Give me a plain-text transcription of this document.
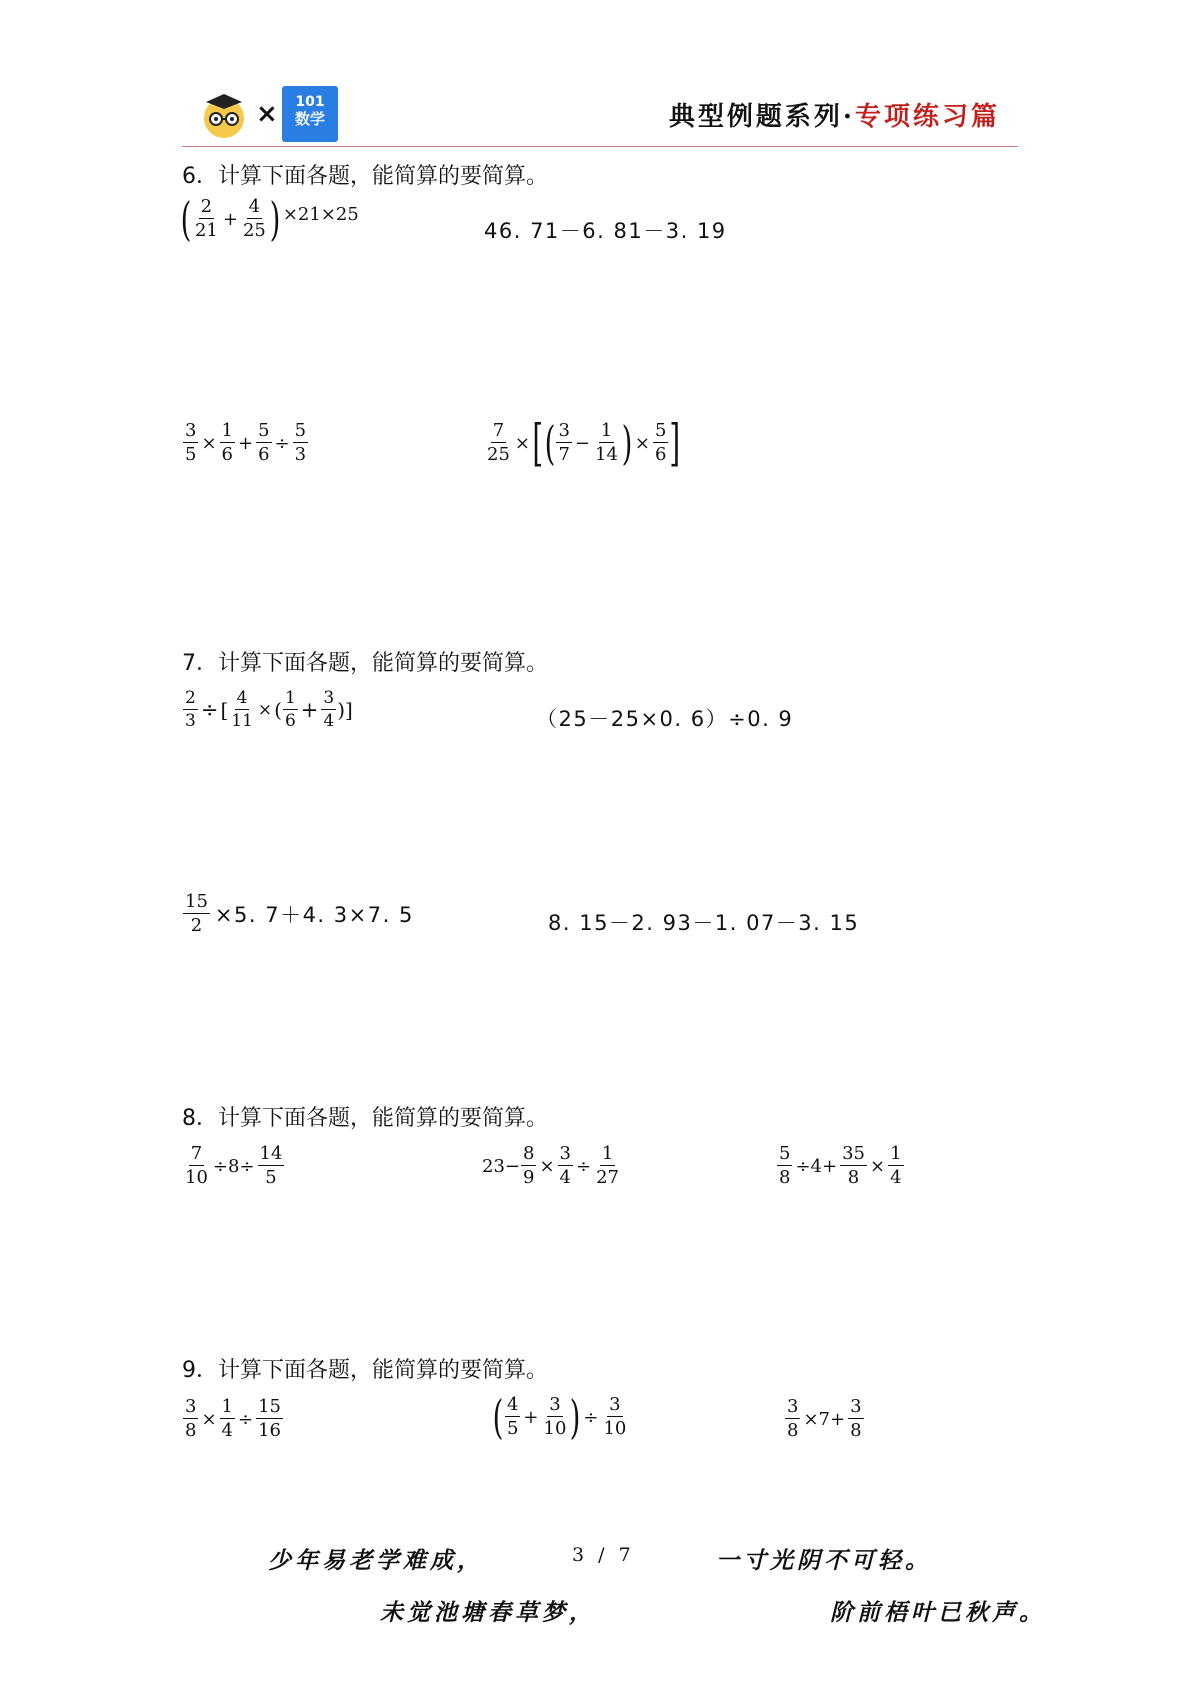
×	101
数学	典型例题系列·专项练习篇
6．计算下面各题，能简算的要简算。
( $\frac{2}{21} + \frac{4}{25}$ ) ×21×25
46. 71－6. 81－3. 19
$\frac{3}{5} \times \frac{1}{6} + \frac{5}{6} \div \frac{5}{3}$	$\frac{7}{25}$ × [ ( $\frac{3}{7} - \frac{1}{14}$ ) × $\frac{5}{6}$ ]
7．计算下面各题，能简算的要简算。
$\frac{2}{3}$ ÷ [ $\frac{4}{11}$ × ( $\frac{1}{6} + \frac{3}{4}$ ) ]	（25－25×0. 6）÷0. 9
$\frac{15}{2} \times 5$. 7＋4. 3×7. 5	8. 15－2. 93－1. 07－3. 15
8．计算下面各题，能简算的要简算。
$\frac{7}{10} \div 8\div \frac{14}{5}$	$23- \frac{8}{9} \times \frac{3}{4} \div \frac{1}{27}$	$\frac{5}{8} \div 4+ \frac{35}{8} \times \frac{1}{4}$
9．计算下面各题，能简算的要简算。
$\frac{3}{8} \times \frac{1}{4} \div \frac{15}{16}$	( $\frac{4}{5} + \frac{3}{10}$ ) ÷ $\frac{3}{10}$	$\frac{3}{8} \times 7+ \frac{3}{8}$
少年易老学难成，	3 / 7	一寸光阴不可轻。
未觉池塘春草梦，	阶前梧叶已秋声。
